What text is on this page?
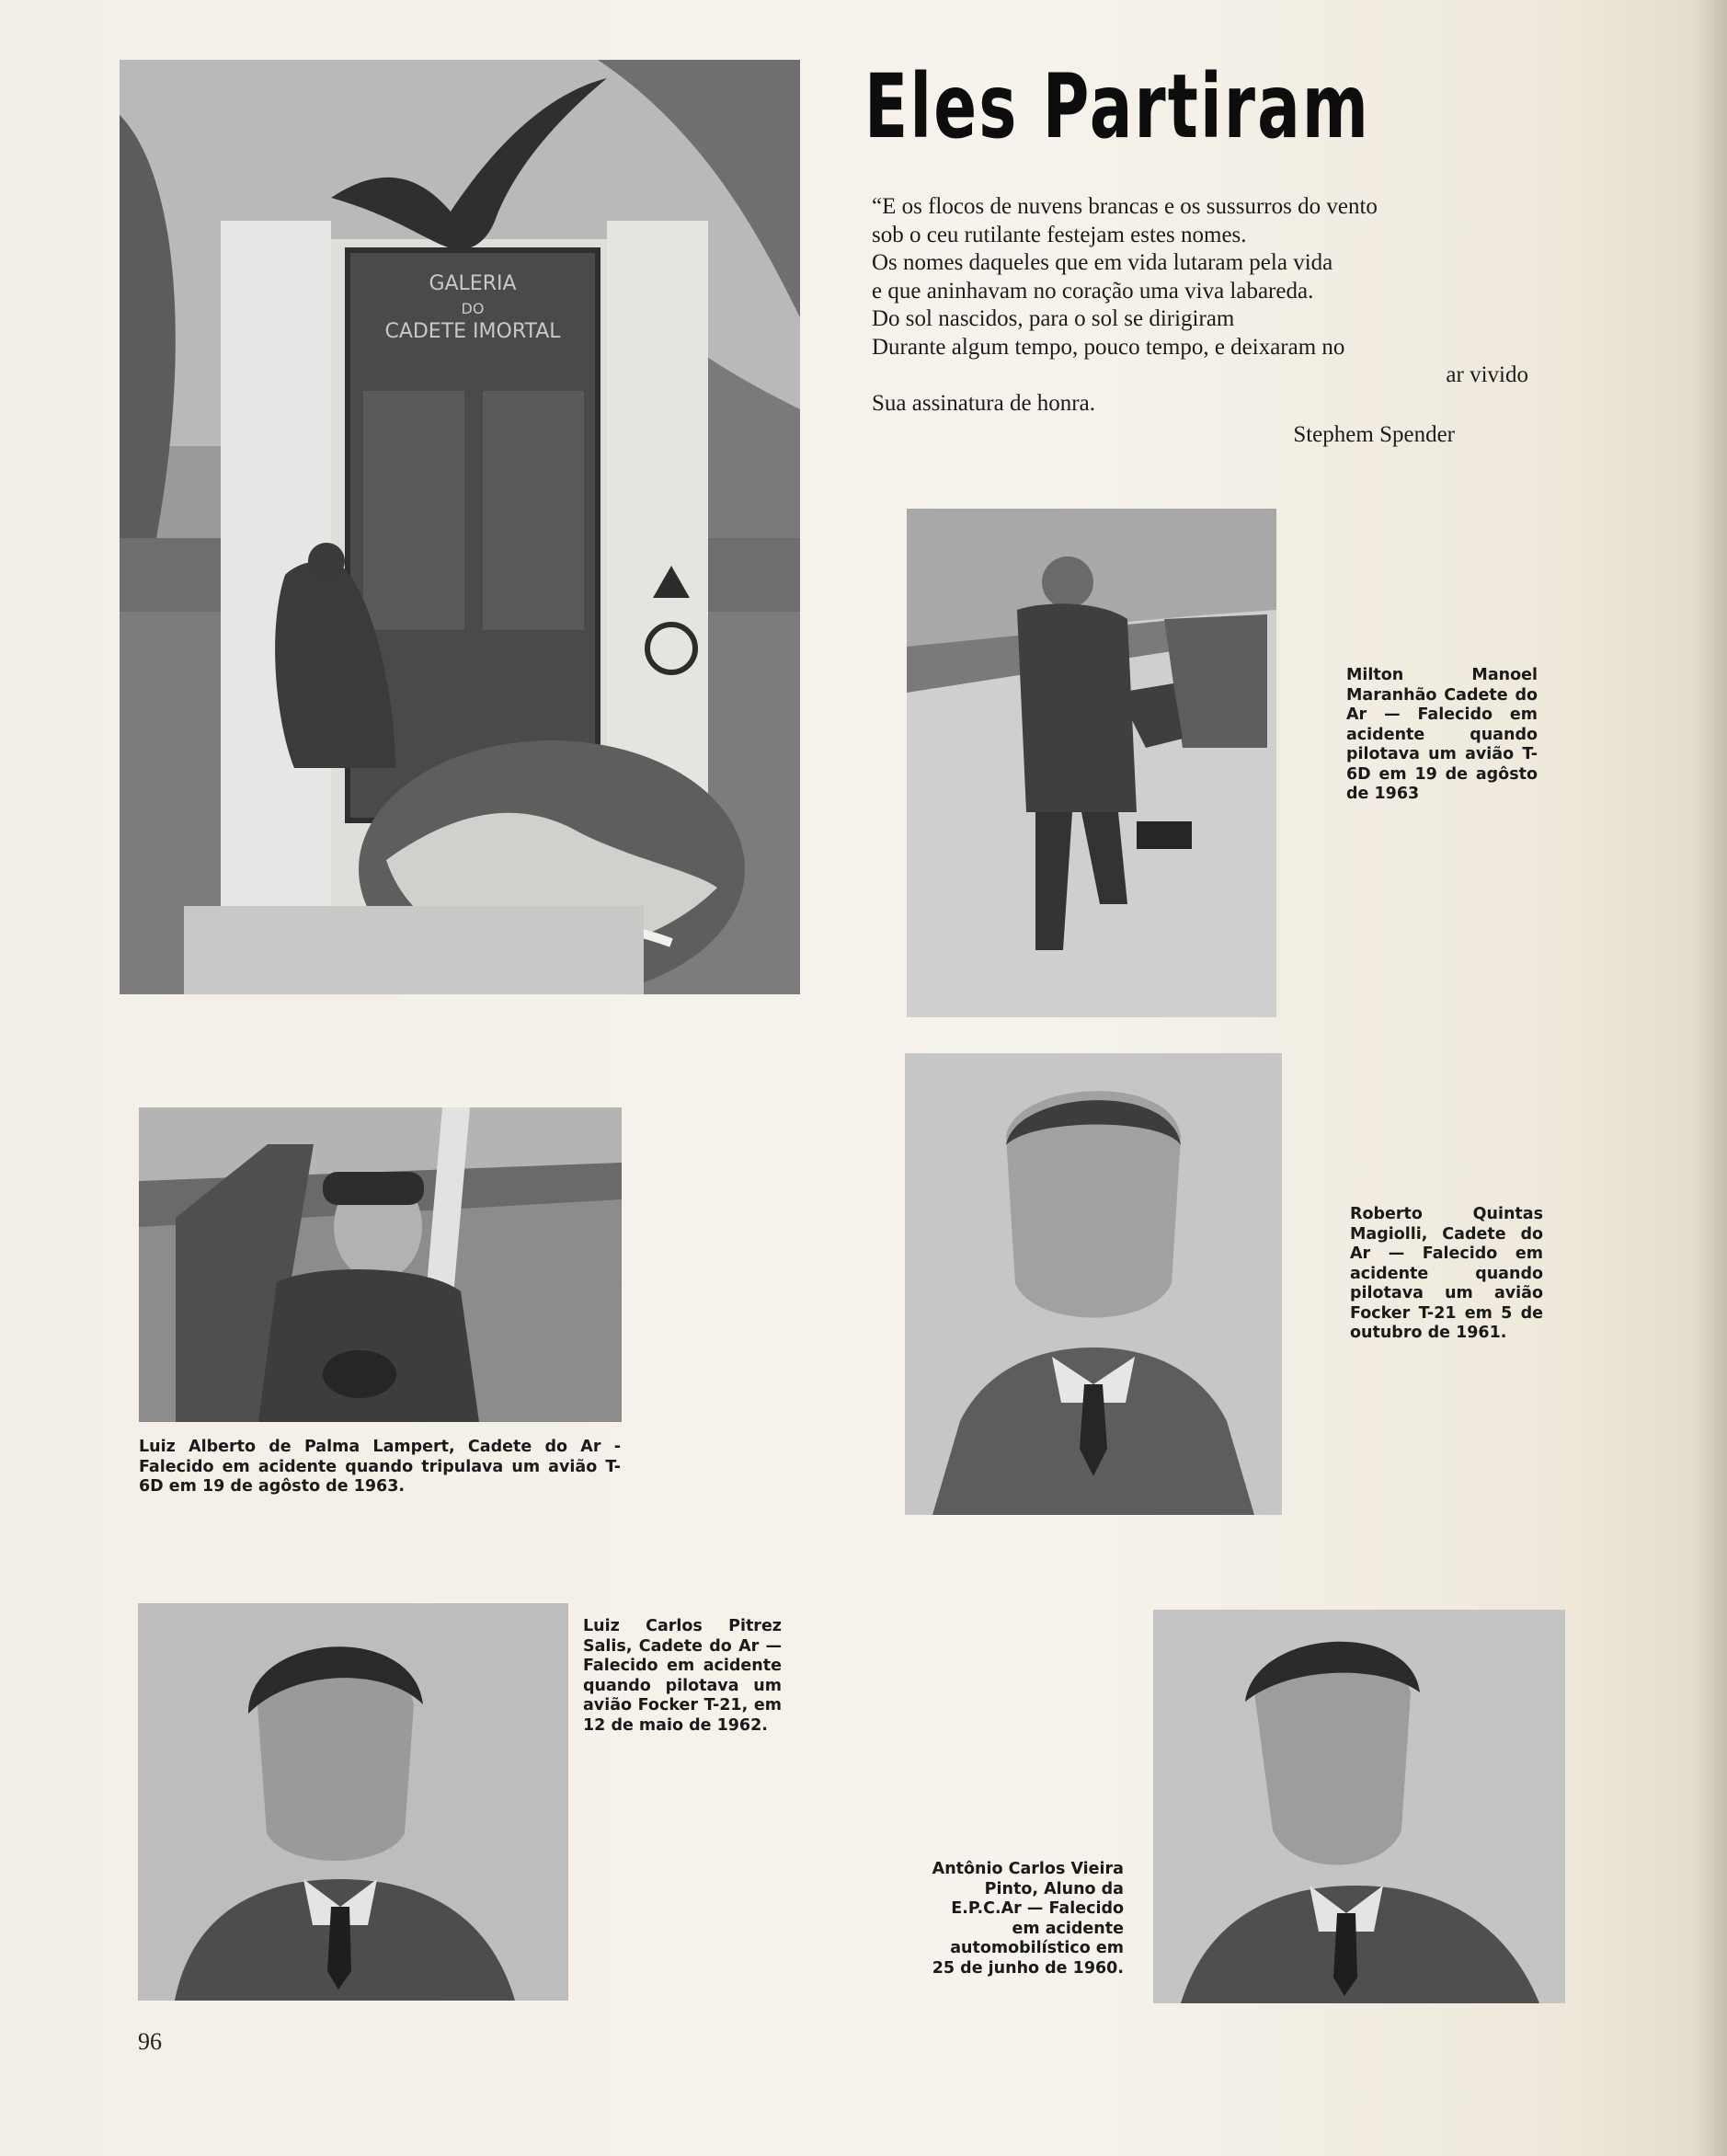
GALERIA
DO
CADETE IMORTAL
Eles Partiram
“E os flocos de nuvens brancas e os sussurros do vento
sob o ceu rutilante festejam estes nomes.
Os nomes daqueles que em vida lutaram pela vida
e que aninhavam no coração uma viva labareda.
Do sol nascidos, para o sol se dirigiram
Durante algum tempo, pouco tempo, e deixaram no
ar vivido
Sua assinatura de honra.
Stephem Spender
Milton Manoel Maranhão Cadete do Ar — Falecido em acidente quando pilotava um avião T-6D em 19 de agôsto de 1963
Luiz Alberto de Palma Lampert, Cadete do Ar - Falecido em acidente quando tripulava um avião T-6D em 19 de agôsto de 1963.
Roberto Quintas Magiolli, Cadete do Ar — Falecido em acidente quando pilotava um avião Focker T-21 em 5 de outubro de 1961.
Luiz Carlos Pitrez Salis, Cadete do Ar — Falecido em acidente quando pilotava um avião Focker T-21, em 12 de maio de 1962.
Antônio Carlos Vieira Pinto, Aluno da E.P.C.Ar — Falecido em acidente automobilístico em 25 de junho de 1960.
96
